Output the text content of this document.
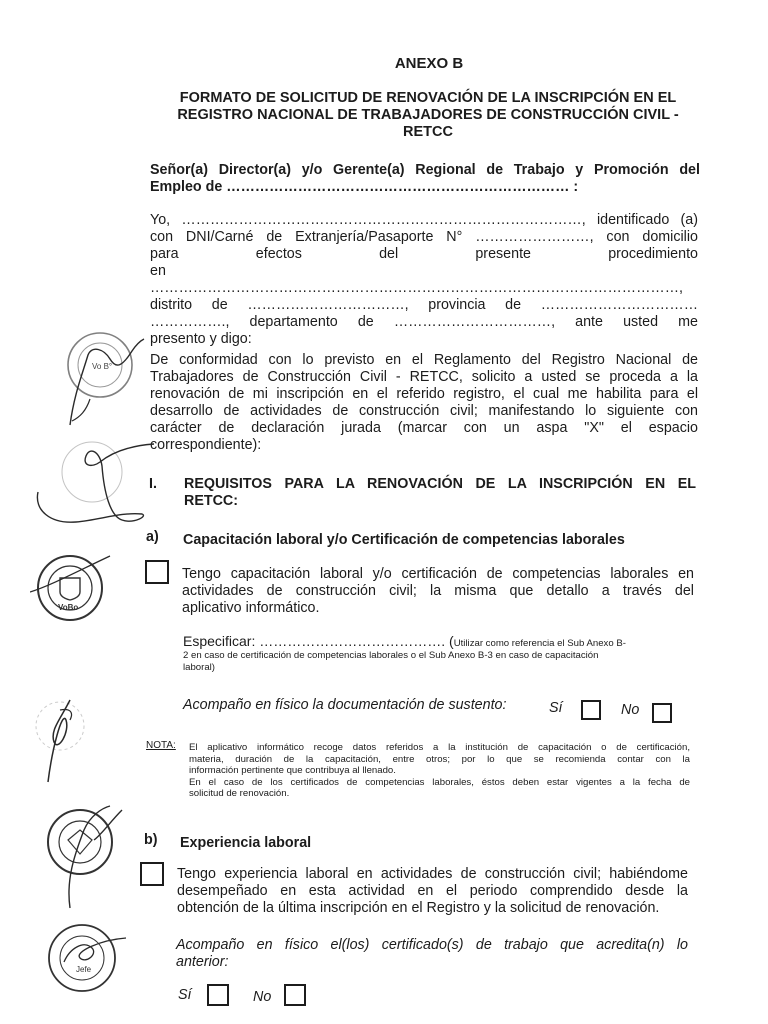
ANEXO B
FORMATO DE SOLICITUD DE RENOVACIÓN DE LA INSCRIPCIÓN EN EL
REGISTRO NACIONAL DE TRABAJADORES DE CONSTRUCCIÓN CIVIL -
RETCC
Señor(a) Director(a) y/o Gerente(a) Regional de Trabajo y Promoción del
Empleo de ……………………………………………………………… :
Yo, …………………………………………………………………………, identificado (a)
con DNI/Carné de Extranjería/Pasaporte N° ……………………, con domicilio
para efectos del presente procedimiento en
…………………………………………………………………………………………………,
distrito de ……………………………, provincia de ……………………………
……………., departamento de ……………………………, ante usted me
presento y digo:
De conformidad con lo previsto en el Reglamento del Registro Nacional de
Trabajadores de Construcción Civil - RETCC, solicito a usted se proceda a la
renovación de mi inscripción en el referido registro, el cual me habilita para el
desarrollo de actividades de construcción civil; manifestando lo siguiente con
carácter de declaración jurada (marcar con un aspa "X" el espacio
correspondiente):
I. REQUISITOS PARA LA RENOVACIÓN DE LA INSCRIPCIÓN EN EL
RETCC:
a) Capacitación laboral y/o Certificación de competencias laborales
Tengo capacitación laboral y/o certificación de competencias laborales en
actividades de construcción civil; la misma que detallo a través del
aplicativo informático.
Especificar: …………………………………. (Utilizar como referencia el Sub Anexo B-
2 en caso de certificación de competencias laborales o el Sub Anexo B-3 en caso de capacitación
laboral)
Acompaño en físico la documentación de sustento:	Sí	No
NOTA: El aplicativo informático recoge datos referidos a la institución de capacitación o de certificación,
materia, duración de la capacitación, entre otros; por lo que se recomienda contar con la
información pertinente que contribuya al llenado.
En el caso de los certificados de competencias laborales, éstos deben estar vigentes a la fecha de
solicitud de renovación.
b) Experiencia laboral
Tengo experiencia laboral en actividades de construcción civil; habiéndome
desempeñado en esta actividad en el periodo comprendido desde la
obtención de la última inscripción en el Registro y la solicitud de renovación.
Acompaño en físico el(los) certificado(s) de trabajo que acredita(n) lo
anterior:
Sí	No
Vo B°
VoBo
Jefe
